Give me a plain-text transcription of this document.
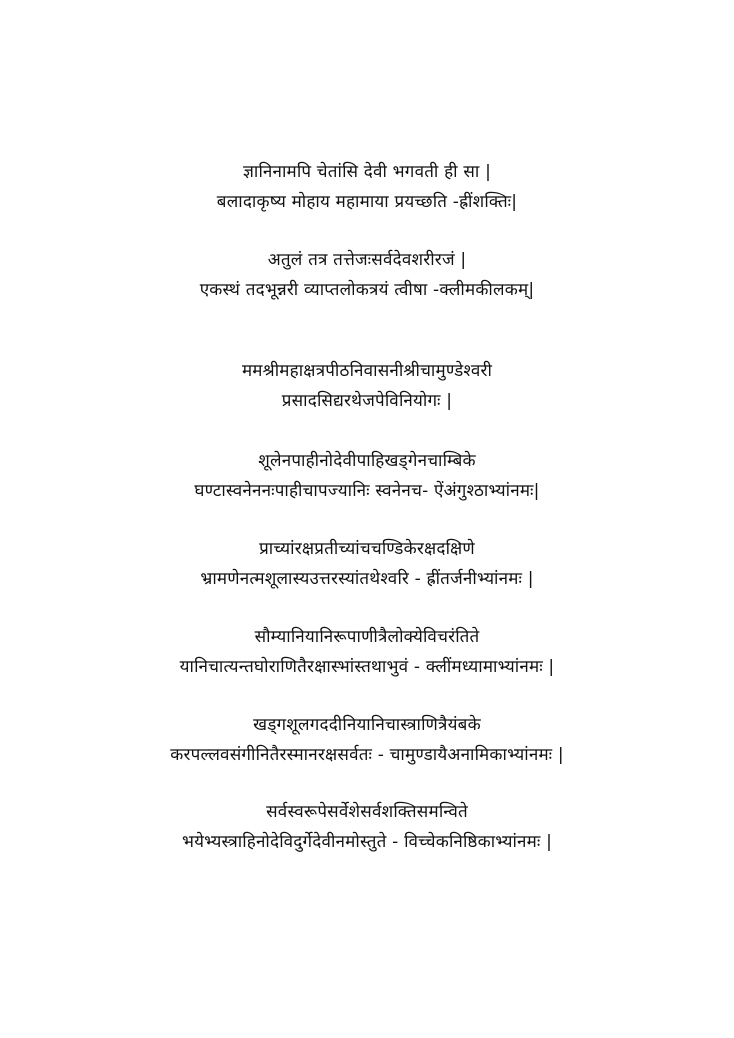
ज्ञानिनामपि चेतांसि देवी भगवती ही सा |
बलादाकृष्य मोहाय महामाया प्रयच्छति -ह्रींशक्तिः|
अतुलं तत्र तत्तेजःसर्वदेवशरीरजं |
एकस्थं तदभून्नरी व्याप्तलोकत्रयं त्वीषा -क्लीमकीलकम्|
ममश्रीमहाक्षत्रपीठनिवासनीश्रीचामुण्डेश्वरी
प्रसादसिद्यरथेजपेविनियोगः |
शूलेनपाहीनोदेवीपाहिखड्गेनचाम्बिके
घण्टास्वनेननःपाहीचापज्यानिः स्वनेनच- ऐंअंगुश्ठाभ्यांनमः|
प्राच्यांरक्षप्रतीच्यांचचण्डिकेरक्षदक्षिणे
भ्रामणेनत्मशूलास्यउत्तरस्यांतथेश्वरि - ह्रींतर्जनीभ्यांनमः |
सौम्यानियानिरूपाणीत्रैलोक्येविचरंतिते
यानिचात्यन्तघोराणितैरक्षास्भांस्तथाभुवं - क्लींमध्यामाभ्यांनमः |
खड्गशूलगददीनियानिचास्त्राणित्रैयंबके
करपल्लवसंगीनितैरस्मानरक्षसर्वतः - चामुण्डायैअनामिकाभ्यांनमः |
सर्वस्वरूपेसर्वेशेसर्वशक्तिसमन्विते
भयेभ्यस्त्राहिनोदेविदुर्गेदेवीनमोस्तुते - विच्चेकनिष्ठिकाभ्यांनमः |
